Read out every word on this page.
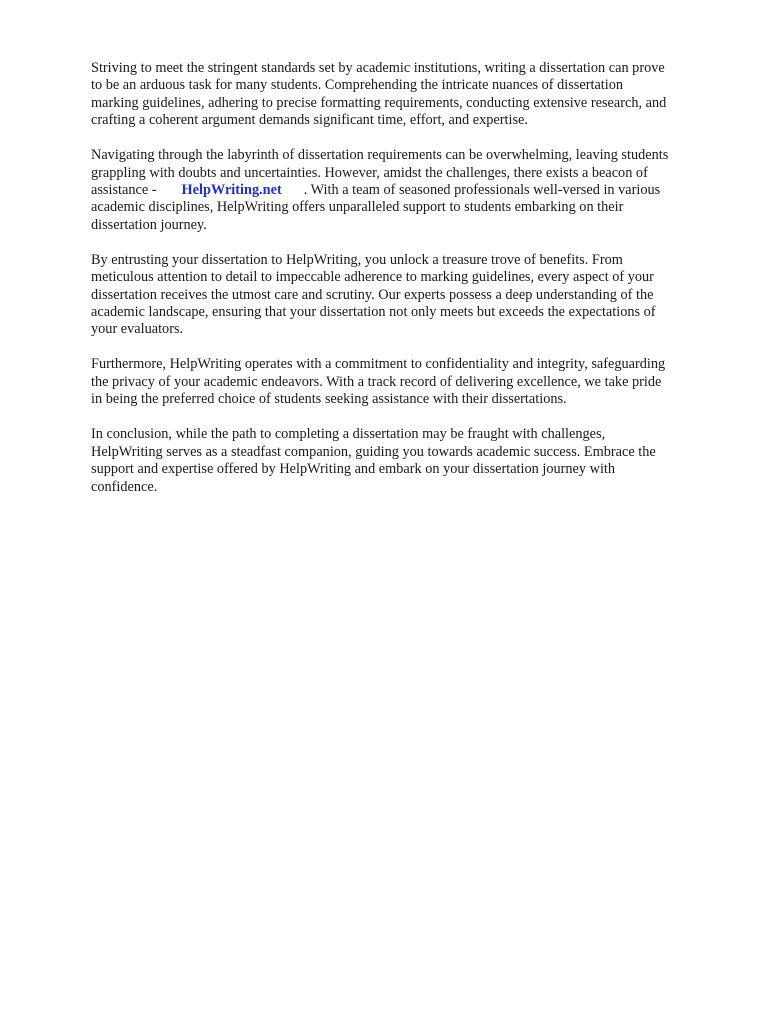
Striving to meet the stringent standards set by academic institutions, writing a dissertation can prove
to be an arduous task for many students. Comprehending the intricate nuances of dissertation
marking guidelines, adhering to precise formatting requirements, conducting extensive research, and
crafting a coherent argument demands significant time, effort, and expertise.

Navigating through the labyrinth of dissertation requirements can be overwhelming, leaving students
grappling with doubts and uncertainties. However, amidst the challenges, there exists a beacon of
assistance - HelpWriting.net . With a team of seasoned professionals well-versed in various
academic disciplines, HelpWriting offers unparalleled support to students embarking on their
dissertation journey.

By entrusting your dissertation to HelpWriting, you unlock a treasure trove of benefits. From
meticulous attention to detail to impeccable adherence to marking guidelines, every aspect of your
dissertation receives the utmost care and scrutiny. Our experts possess a deep understanding of the
academic landscape, ensuring that your dissertation not only meets but exceeds the expectations of
your evaluators.

Furthermore, HelpWriting operates with a commitment to confidentiality and integrity, safeguarding
the privacy of your academic endeavors. With a track record of delivering excellence, we take pride
in being the preferred choice of students seeking assistance with their dissertations.

In conclusion, while the path to completing a dissertation may be fraught with challenges,
HelpWriting serves as a steadfast companion, guiding you towards academic success. Embrace the
support and expertise offered by HelpWriting and embark on your dissertation journey with
confidence.
